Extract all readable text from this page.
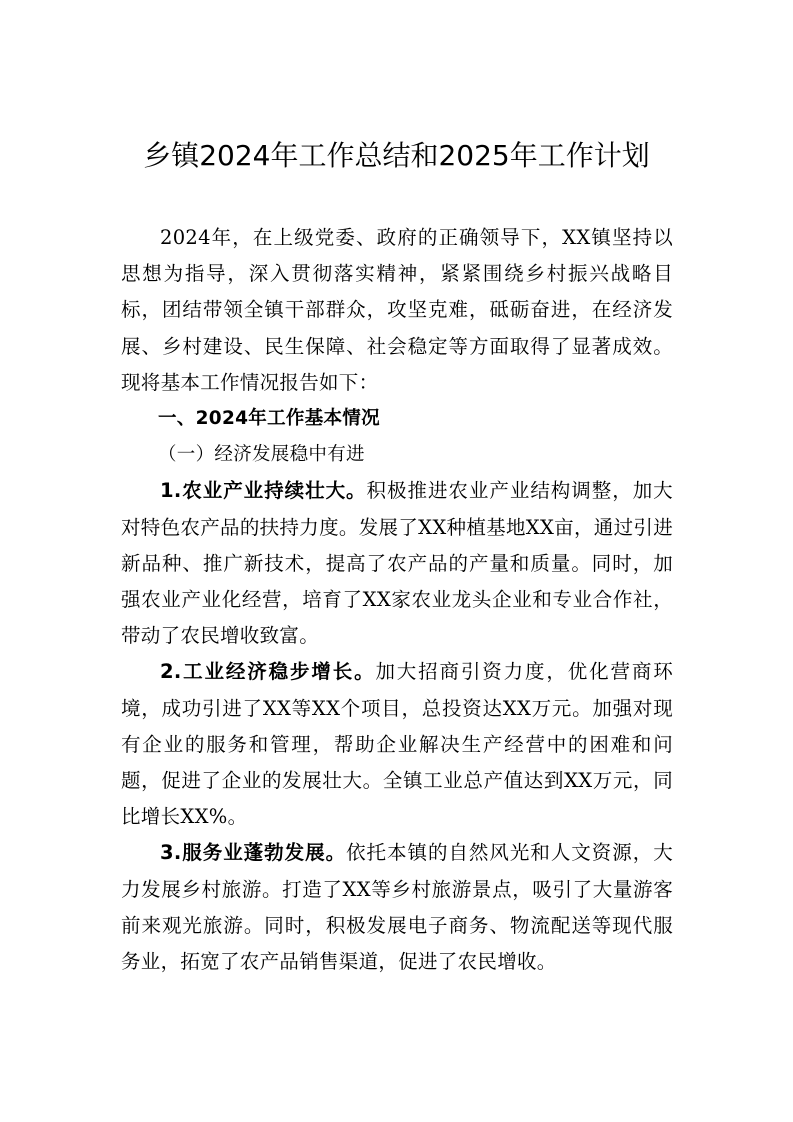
乡镇2024年工作总结和2025年工作计划

2024年，在上级党委、政府的正确领导下，XX镇坚持以思想为指导，深入贯彻落实精神，紧紧围绕乡村振兴战略目标，团结带领全镇干部群众，攻坚克难，砥砺奋进，在经济发展、乡村建设、民生保障、社会稳定等方面取得了显著成效。现将基本工作情况报告如下：

一、2024年工作基本情况

（一）经济发展稳中有进

1.农业产业持续壮大。积极推进农业产业结构调整，加大对特色农产品的扶持力度。发展了XX种植基地XX亩，通过引进新品种、推广新技术，提高了农产品的产量和质量。同时，加强农业产业化经营，培育了XX家农业龙头企业和专业合作社，带动了农民增收致富。

2.工业经济稳步增长。加大招商引资力度，优化营商环境，成功引进了XX等XX个项目，总投资达XX万元。加强对现有企业的服务和管理，帮助企业解决生产经营中的困难和问题，促进了企业的发展壮大。全镇工业总产值达到XX万元，同比增长XX%。

3.服务业蓬勃发展。依托本镇的自然风光和人文资源，大力发展乡村旅游。打造了XX等乡村旅游景点，吸引了大量游客前来观光旅游。同时，积极发展电子商务、物流配送等现代服务业，拓宽了农产品销售渠道，促进了农民增收。
